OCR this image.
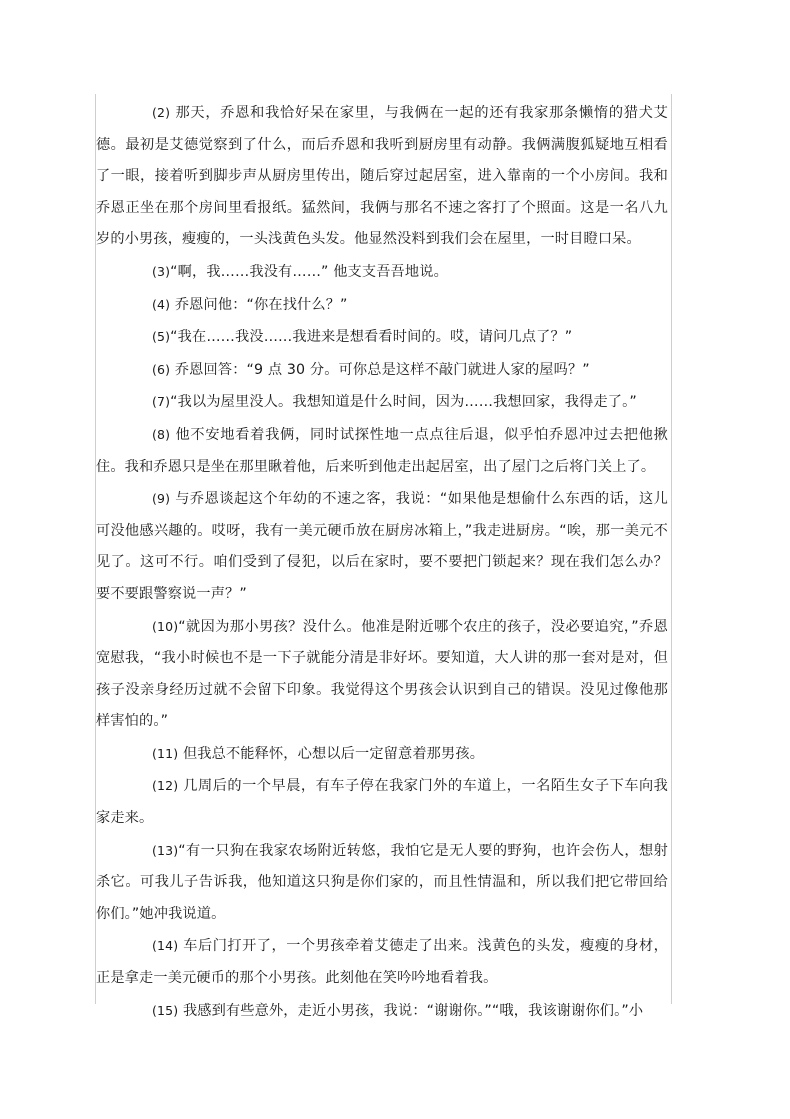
(2) 那天，乔恩和我恰好呆在家里，与我俩在一起的还有我家那条懒惰的猎犬艾德。最初是艾德觉察到了什么，而后乔恩和我听到厨房里有动静。我俩满腹狐疑地互相看了一眼，接着听到脚步声从厨房里传出，随后穿过起居室，进入靠南的一个小房间。我和乔恩正坐在那个房间里看报纸。猛然间，我俩与那名不速之客打了个照面。这是一名八九岁的小男孩，瘦瘦的，一头浅黄色头发。他显然没料到我们会在屋里，一时目瞪口呆。

(3)“啊，我……我没有……” 他支支吾吾地说。

(4) 乔恩问他：“你在找什么？”

(5)“我在……我没……我进来是想看看时间的。哎，请问几点了？”

(6) 乔恩回答：“9 点 30 分。可你总是这样不敲门就进人家的屋吗？”

(7)“我以为屋里没人。我想知道是什么时间，因为……我想回家，我得走了。”

(8) 他不安地看着我俩，同时试探性地一点点往后退，似乎怕乔恩冲过去把他揪住。我和乔恩只是坐在那里瞅着他，后来听到他走出起居室，出了屋门之后将门关上了。

(9) 与乔恩谈起这个年幼的不速之客，我说：“如果他是想偷什么东西的话，这儿可没他感兴趣的。哎呀，我有一美元硬币放在厨房冰箱上，”我走进厨房。“唉，那一美元不见了。这可不行。咱们受到了侵犯，以后在家时，要不要把门锁起来？现在我们怎么办？要不要跟警察说一声？”

(10)“就因为那小男孩？没什么。他准是附近哪个农庄的孩子，没必要追究，”乔恩宽慰我，“我小时候也不是一下子就能分清是非好坏。要知道，大人讲的那一套对是对，但孩子没亲身经历过就不会留下印象。我觉得这个男孩会认识到自己的错误。没见过像他那样害怕的。”

(11) 但我总不能释怀，心想以后一定留意着那男孩。

(12) 几周后的一个早晨，有车子停在我家门外的车道上，一名陌生女子下车向我家走来。

(13)“有一只狗在我家农场附近转悠，我怕它是无人要的野狗，也许会伤人，想射杀它。可我儿子告诉我，他知道这只狗是你们家的，而且性情温和，所以我们把它带回给你们。”她冲我说道。

(14) 车后门打开了，一个男孩牵着艾德走了出来。浅黄色的头发，瘦瘦的身材，正是拿走一美元硬币的那个小男孩。此刻他在笑吟吟地看着我。

(15) 我感到有些意外，走近小男孩，我说：“谢谢你。”“哦，我该谢谢你们。”小
